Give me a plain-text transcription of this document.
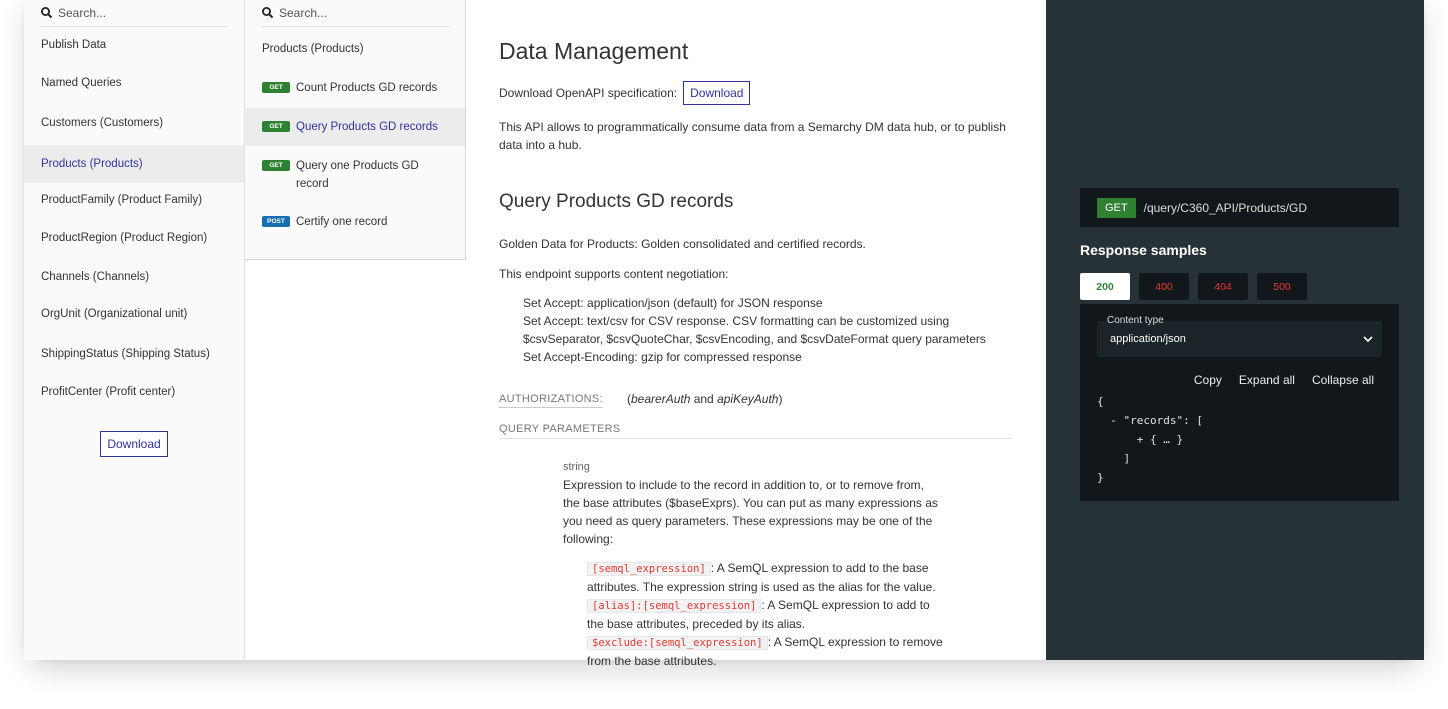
Search...
Publish Data
Named Queries
Customers (Customers)
Products (Products)
ProductFamily (Product Family)
ProductRegion (Product Region)
Channels (Channels)
OrgUnit (Organizational unit)
ShippingStatus (Shipping Status)
ProfitCenter (Profit center)
Download
Search...
Products (Products)
GET	Count Products GD records
GET	Query Products GD records
GET	Query one Products GD record
POST Certify one record
Data Management
Download OpenAPI specification:	Download

This API allows to programmatically consume data from a Semarchy DM data hub, or to publish data into a hub.

Query Products GD records

Golden Data for Products: Golden consolidated and certified records.

This endpoint supports content negotiation:

Set Accept: application/json (default) for JSON response
Set Accept: text/csv for CSV response. CSV formatting can be customized using $csvSeparator, $csvQuoteChar, $csvEncoding, and $csvDateFormat query parameters
Set Accept-Encoding: gzip for compressed response
AUTHORIZATIONS: (bearerAuth and apiKeyAuth)
QUERY PARAMETERS
string

Expression to include to the record in addition to, or to remove from, the base attributes ($baseExprs). You can put as many expressions as you need as query parameters. These expressions may be one of the following:

[semql_expression] : A SemQL expression to add to the base attributes. The expression string is used as the alias for the value.
[alias]:[semql_expression] : A SemQL expression to add to the base attributes, preceded by its alias.
$exclude:[semql_expression] : A SemQL expression to remove from the base attributes.
GET	/query/C360_API/Products/GD
Response samples
200	400	404	500
Content type
application/json
Copy Expand all Collapse all
{
- "records": [
+ { … }
]
}
